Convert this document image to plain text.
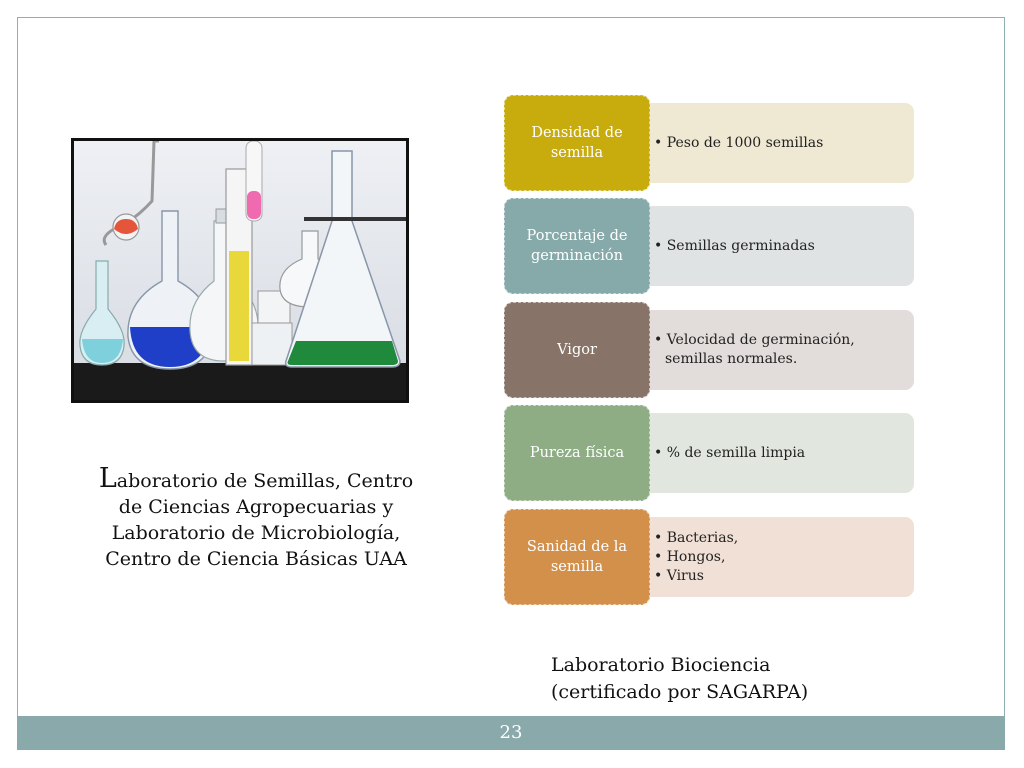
Laboratorio de Semillas, Centro
de Ciencias Agropecuarias y
Laboratorio de Microbiología,
Centro de Ciencia Básicas UAA
• Peso de 1000 semillas
Densidad de semilla
• Semillas germinadas
Porcentaje de germinación
• Velocidad de germinación, semillas normales.
Vigor
• % de semilla limpia
Pureza física
• Bacterias,
• Hongos,
• Virus
Sanidad de la semilla
Laboratorio Biociencia
(certificado por SAGARPA)
23
